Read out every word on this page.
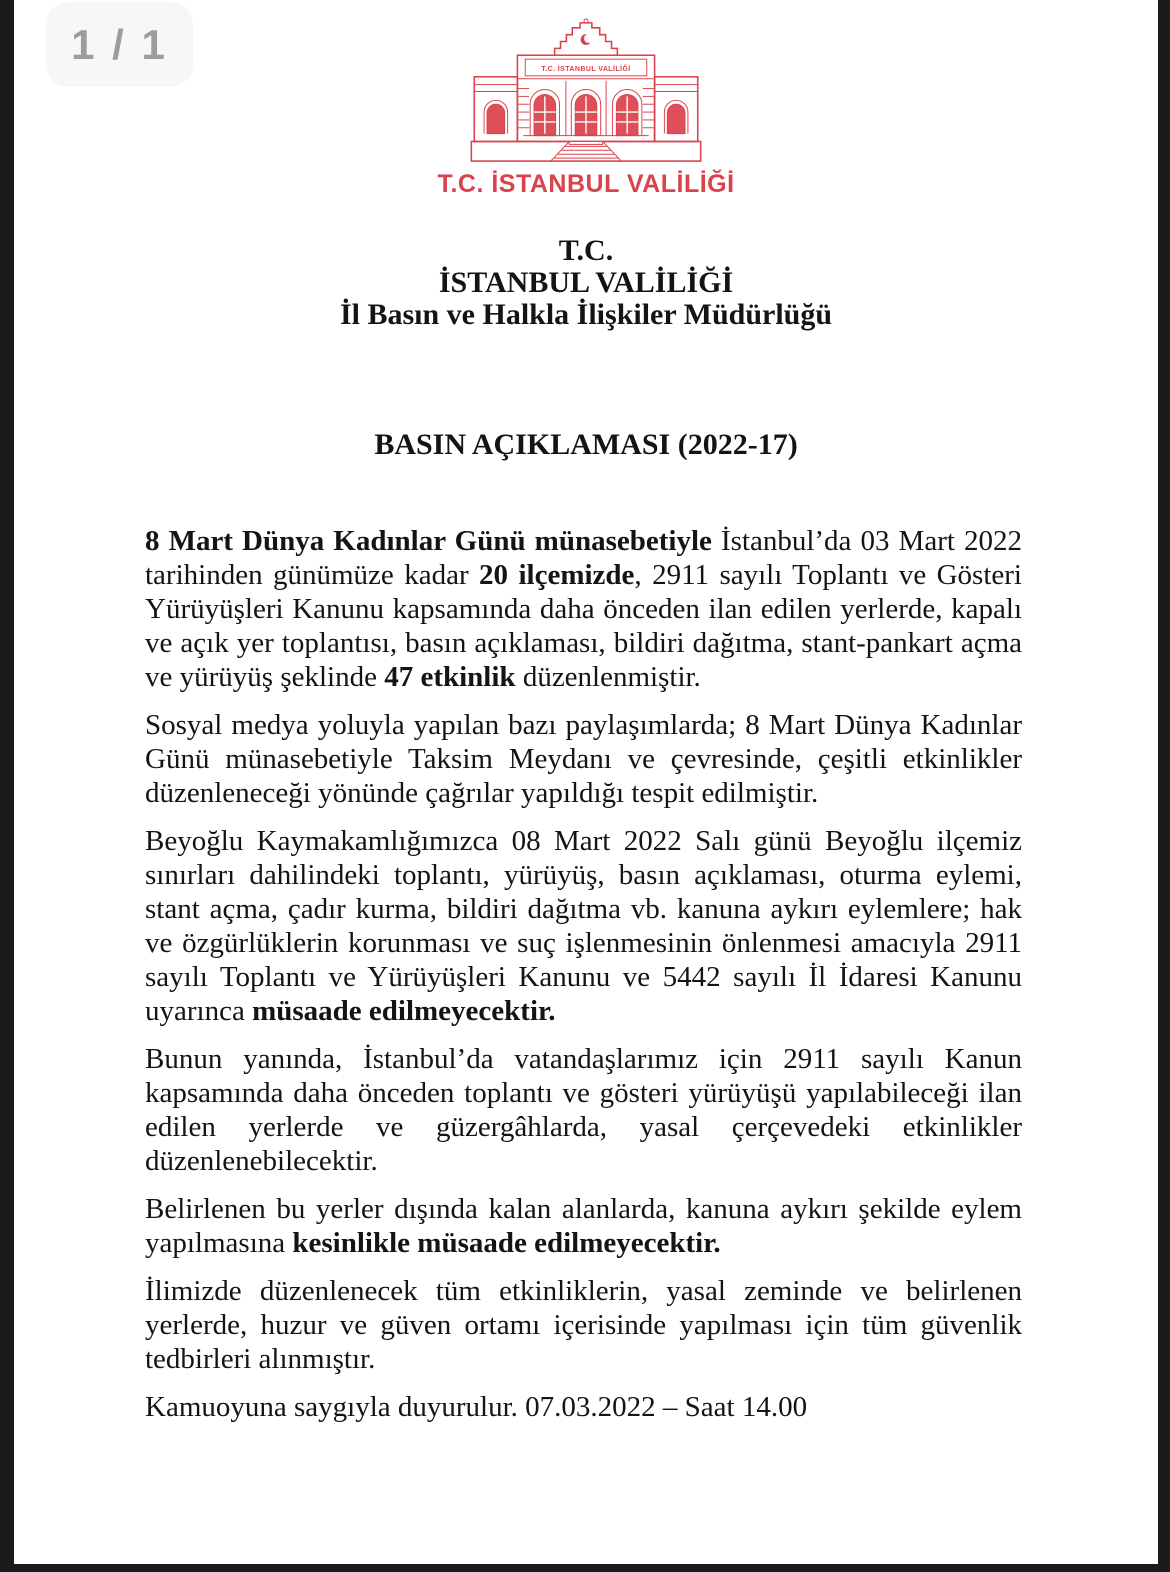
T.C. İSTANBUL VALİLİĞİ
T.C. İSTANBUL VALİLİĞİ
T.C.
İSTANBUL VALİLİĞİ
İl Basın ve Halkla İlişkiler Müdürlüğü
BASIN AÇIKLAMASI (2022-17)

8 Mart Dünya Kadınlar Günü münasebetiyle İstanbul’da 03 Mart 2022 tarihinden günümüze kadar 20 ilçemizde, 2911 sayılı Toplantı ve Gösteri Yürüyüşleri Kanunu kapsamında daha önceden ilan edilen yerlerde, kapalı ve açık yer toplantısı, basın açıklaması, bildiri dağıtma, stant-pankart açma ve yürüyüş şeklinde 47 etkinlik düzenlenmiştir.

Sosyal medya yoluyla yapılan bazı paylaşımlarda; 8 Mart Dünya Kadınlar Günü münasebetiyle Taksim Meydanı ve çevresinde, çeşitli etkinlikler düzenleneceği yönünde çağrılar yapıldığı tespit edilmiştir.

Beyoğlu Kaymakamlığımızca 08 Mart 2022 Salı günü Beyoğlu ilçemiz sınırları dahilindeki toplantı, yürüyüş, basın açıklaması, oturma eylemi, stant açma, çadır kurma, bildiri dağıtma vb. kanuna aykırı eylemlere; hak ve özgürlüklerin korunması ve suç işlenmesinin önlenmesi amacıyla 2911 sayılı Toplantı ve Yürüyüşleri Kanunu ve 5442 sayılı İl İdaresi Kanunu uyarınca müsaade edilmeyecektir.

Bunun yanında, İstanbul’da vatandaşlarımız için 2911 sayılı Kanun kapsamında daha önceden toplantı ve gösteri yürüyüşü yapılabileceği ilan edilen yerlerde ve güzergâhlarda, yasal çerçevedeki etkinlikler düzenlenebilecektir.

Belirlenen bu yerler dışında kalan alanlarda, kanuna aykırı şekilde eylem yapılmasına kesinlikle müsaade edilmeyecektir.

İlimizde düzenlenecek tüm etkinliklerin, yasal zeminde ve belirlenen yerlerde, huzur ve güven ortamı içerisinde yapılması için tüm güvenlik tedbirleri alınmıştır.

Kamuoyuna saygıyla duyurulur. 07.03.2022 – Saat 14.00

1 / 1
